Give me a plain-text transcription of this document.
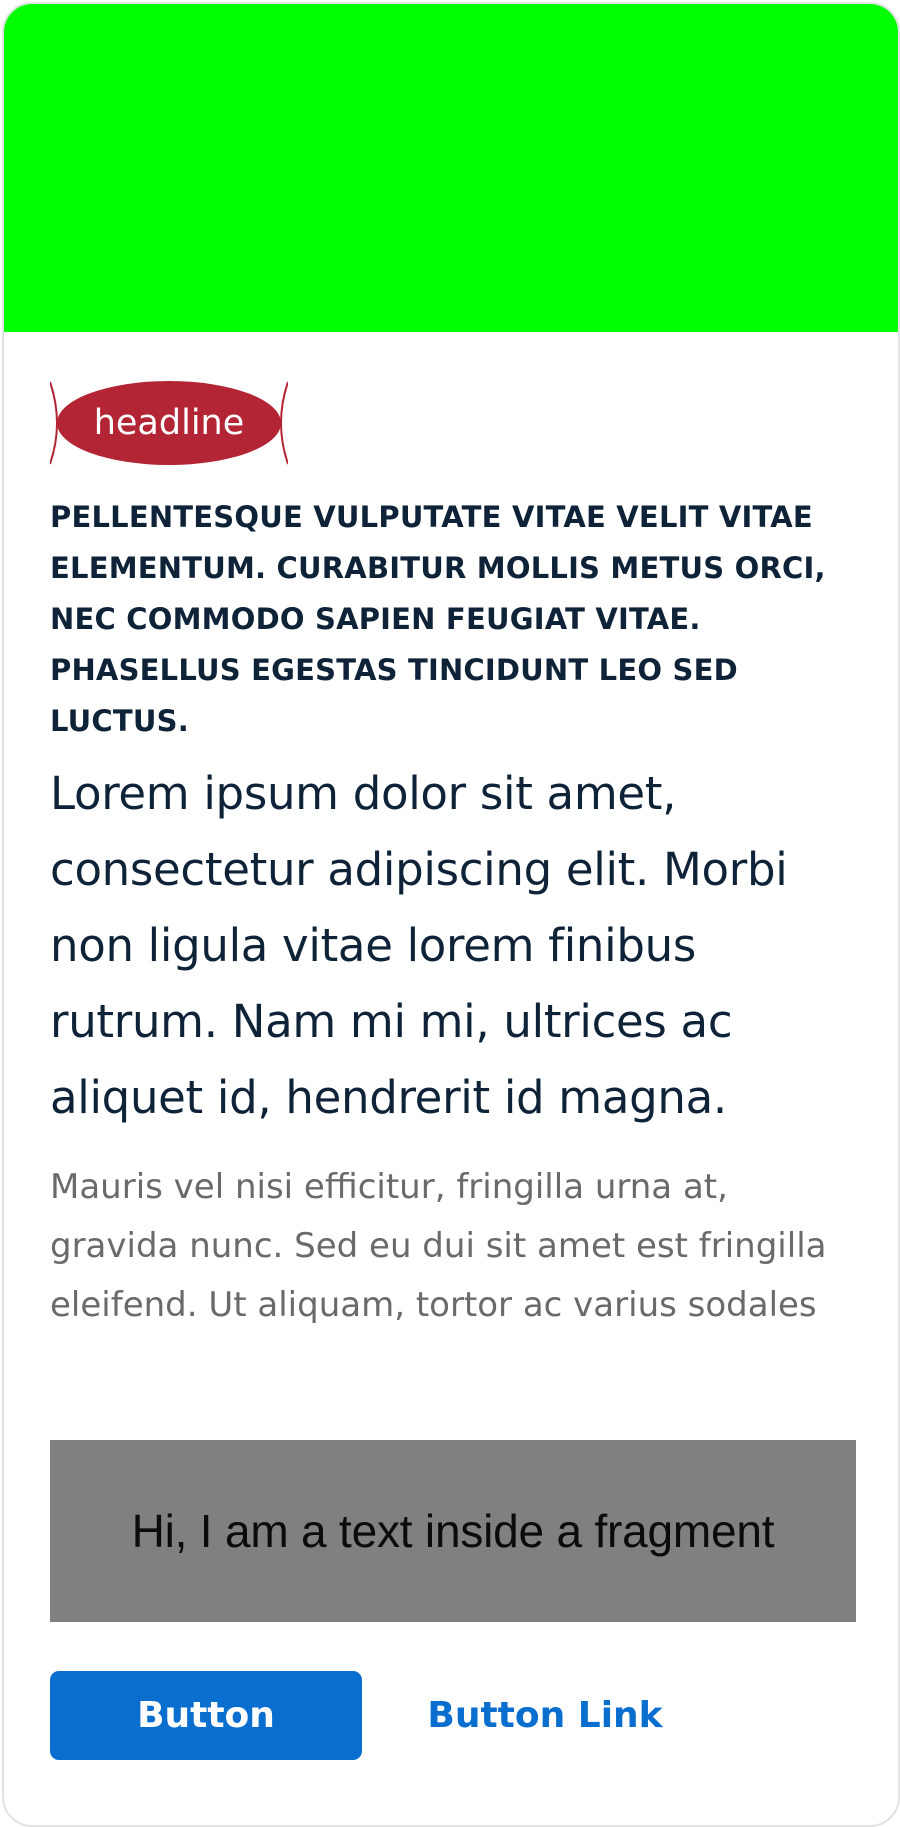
headline

PELLENTESQUE VULPUTATE VITAE VELIT VITAE ELEMENTUM. CURABITUR MOLLIS METUS ORCI, NEC COMMODO SAPIEN FEUGIAT VITAE. PHASELLUS EGESTAS TINCIDUNT LEO SED LUCTUS.

Lorem ipsum dolor sit amet, consectetur adipiscing elit. Morbi non ligula vitae lorem finibus rutrum. Nam mi mi, ultrices ac aliquet id, hendrerit id magna.

Mauris vel nisi efficitur, fringilla urna at, gravida nunc. Sed eu dui sit amet est fringilla eleifend. Ut aliquam, tortor ac varius sodales

Hi, I am a text inside a fragment
Button	Button Link
